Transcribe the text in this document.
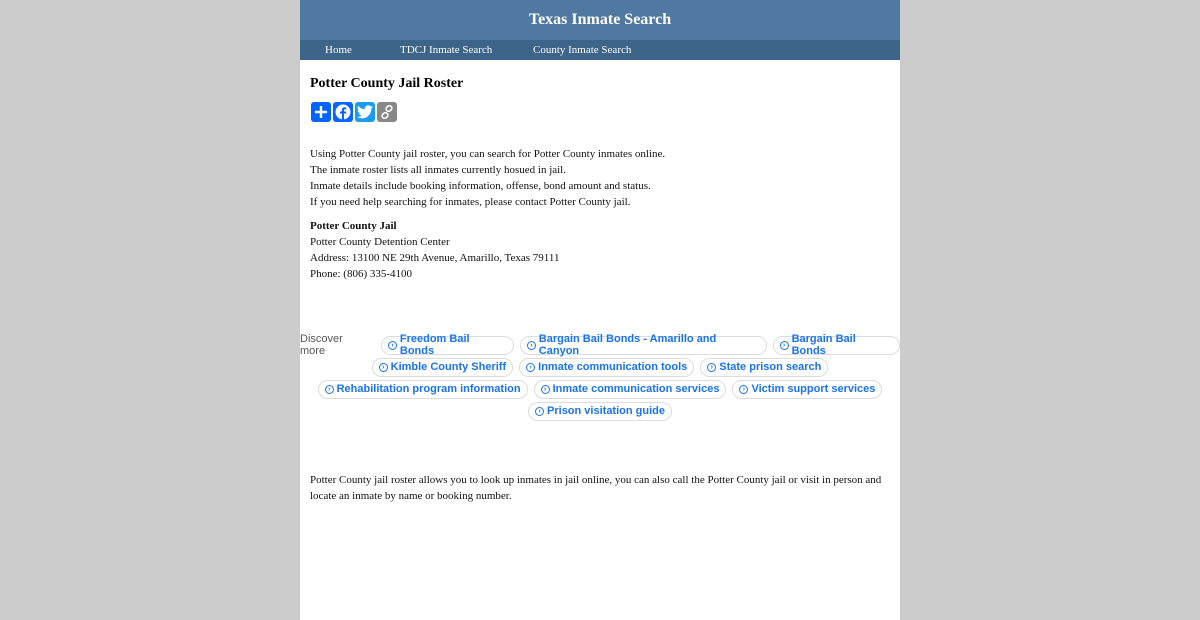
Texas Inmate Search
Home	TDCJ Inmate Search	County Inmate Search
Potter County Jail Roster
Using Potter County jail roster, you can search for Potter County inmates online.
The inmate roster lists all inmates currently hosued in jail.
Inmate details include booking information, offense, bond amount and status.
If you need help searching for inmates, please contact Potter County jail.
Potter County Jail
Potter County Detention Center
Address: 13100 NE 29th Avenue, Amarillo, Texas 79111
Phone: (806) 335-4100
Discover more	› Freedom Bail Bonds	› Bargain Bail Bonds - Amarillo and Canyon	› Bargain Bail Bonds
› Kimble County Sheriff	› Inmate communication tools	› State prison search
› Rehabilitation program information	› Inmate communication services	› Victim support services
› Prison visitation guide
Potter County jail roster allows you to look up inmates in jail online, you can also call the Potter County jail or visit in person and locate an inmate by name or booking number.
